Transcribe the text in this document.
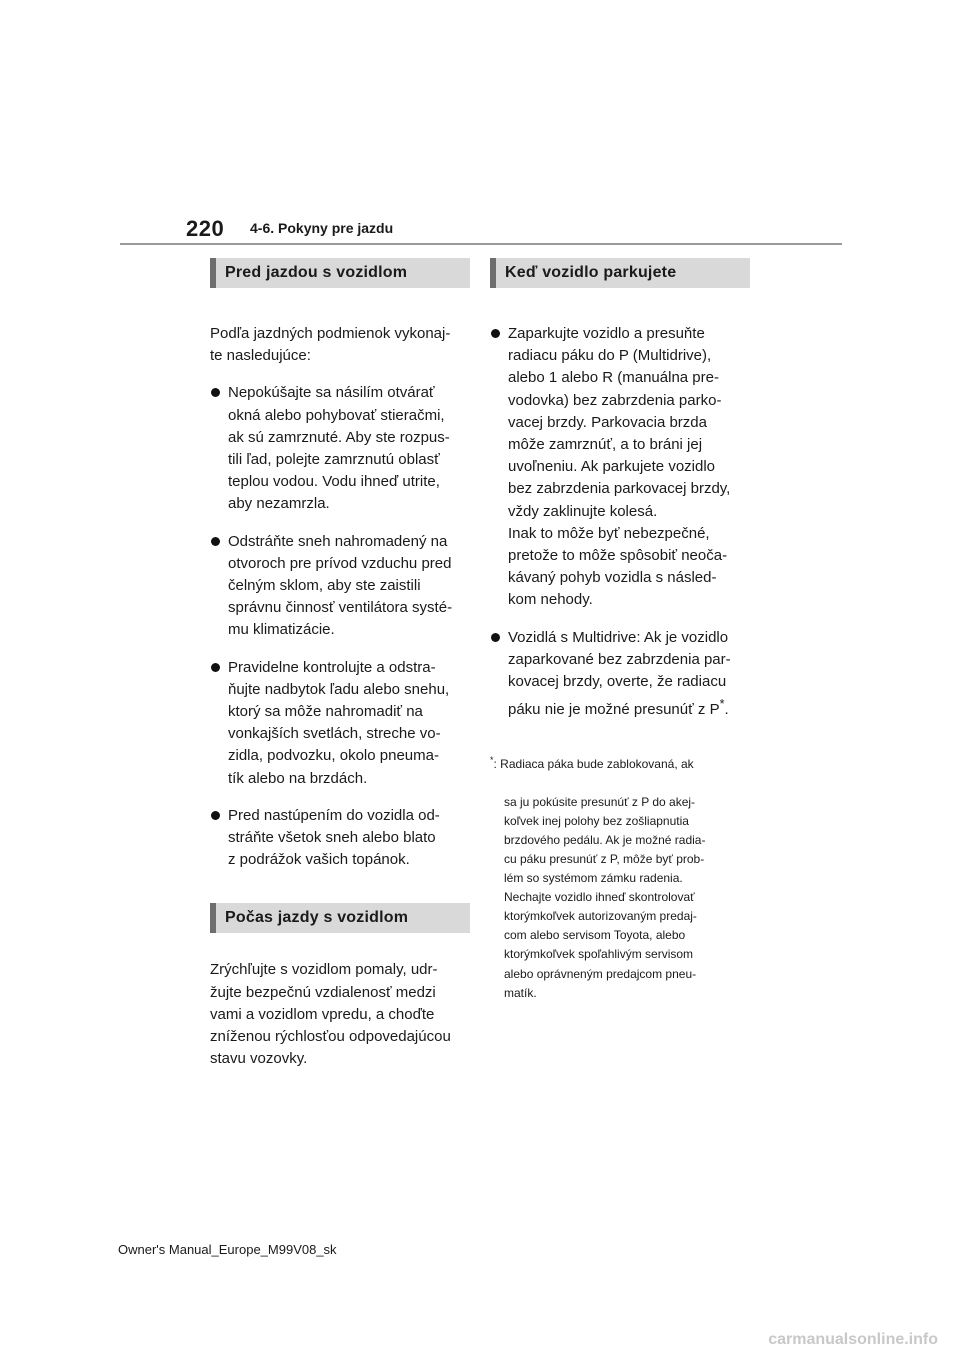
220 4-6. Pokyny pre jazdu
Pred jazdou s vozidlom

Podľa jazdných podmienok vykonaj-
te nasledujúce:

Nepokúšajte sa násilím otvárať
okná alebo pohybovať stieračmi,
ak sú zamrznuté. Aby ste rozpus-
tili ľad, polejte zamrznutú oblasť
teplou vodou. Vodu ihneď utrite,
aby nezamrzla.
Odstráňte sneh nahromadený na
otvoroch pre prívod vzduchu pred
čelným sklom, aby ste zaistili
správnu činnosť ventilátora systé-
mu klimatizácie.
Pravidelne kontrolujte a odstra-
ňujte nadbytok ľadu alebo snehu,
ktorý sa môže nahromadiť na
vonkajších svetlách, streche vo-
zidla, podvozku, okolo pneuma-
tík alebo na brzdách.
Pred nastúpením do vozidla od-
stráňte všetok sneh alebo blato
z podrážok vašich topánok.
Počas jazdy s vozidlom

Zrýchľujte s vozidlom pomaly, udr-
žujte bezpečnú vzdialenosť medzi
vami a vozidlom vpredu, a choďte
zníženou rýchlosťou odpovedajúcou
stavu vozovky.

Keď vozidlo parkujete
Zaparkujte vozidlo a presuňte
radiacu páku do P (Multidrive),
alebo 1 alebo R (manuálna pre-
vodovka) bez zabrzdenia parko-
vacej brzdy. Parkovacia brzda
môže zamrznúť, a to bráni jej
uvoľneniu. Ak parkujete vozidlo
bez zabrzdenia parkovacej brzdy,
vždy zaklinujte kolesá.
Inak to môže byť nebezpečné,
pretože to môže spôsobiť neoča-
kávaný pohyb vozidla s násled-
kom nehody.
Vozidlá s Multidrive: Ak je vozidlo
zaparkované bez zabrzdenia par-
kovacej brzdy, overte, že radiacu
páku nie je možné presunúť z P*.

*: Radiaca páka bude zablokovaná, ak

sa ju pokúsite presunúť z P do akej-
koľvek inej polohy bez zošliapnutia
brzdového pedálu. Ak je možné radia-
cu páku presunúť z P, môže byť prob-
lém so systémom zámku radenia.
Nechajte vozidlo ihneď skontrolovať
ktorýmkoľvek autorizovaným predaj-
com alebo servisom Toyota, alebo
ktorýmkoľvek spoľahlivým servisom
alebo oprávneným predajcom pneu-
matík.

Owner's Manual_Europe_M99V08_sk
carmanualsonline.info
